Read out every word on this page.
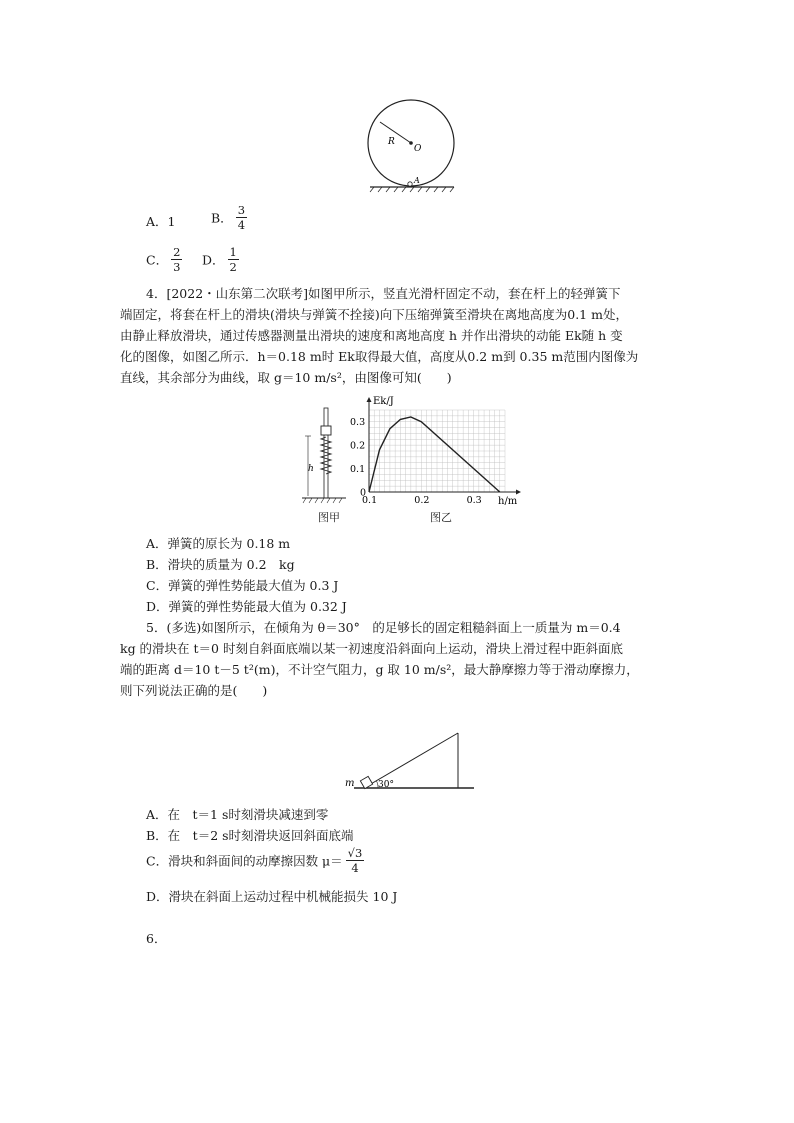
R
O
A
A．1	B． $\frac{3}{4}$
C． $\frac{2}{3}$ D． $\frac{1}{2}$
4．[2022・山东第二次联考]如图甲所示，竖直光滑杆固定不动，套在杆上的轻弹簧下
端固定，将套在杆上的滑块(滑块与弹簧不拴接)向下压缩弹簧至滑块在离地高度为0.1 m处，
由静止释放滑块，通过传感器测量出滑块的速度和离地高度 h 并作出滑块的动能 Ek随 h 变
化的图像，如图乙所示．h＝0.18 m时 Ek取得最大值，高度从0.2 m到 0.35 m范围内图像为
直线，其余部分为曲线，取 g＝10 m/s²，由图像可知(　　)
h
图甲
0.1	0.2	0.3
0
0.1
0.2
0.3
Ek/J
h/m
图乙
A．弹簧的原长为 0.18 m
B．滑块的质量为 0.2　kg
C．弹簧的弹性势能最大值为 0.3 J
D．弹簧的弹性势能最大值为 0.32 J
5．(多选)如图所示，在倾角为 θ＝30°　的足够长的固定粗糙斜面上一质量为 m＝0.4
kg 的滑块在 t＝0 时刻自斜面底端以某一初速度沿斜面向上运动，滑块上滑过程中距斜面底
端的距离 d＝10 t－5 t²(m)，不计空气阻力，g 取 10 m/s²，最大静摩擦力等于滑动摩擦力，
则下列说法正确的是(　　)
m	30°
A．在　t＝1 s时刻滑块减速到零
B．在　t＝2 s时刻滑块返回斜面底端
C．滑块和斜面间的动摩擦因数 $\mu= \frac{√3}{4}$
D．滑块在斜面上运动过程中机械能损失 10 J
6．
